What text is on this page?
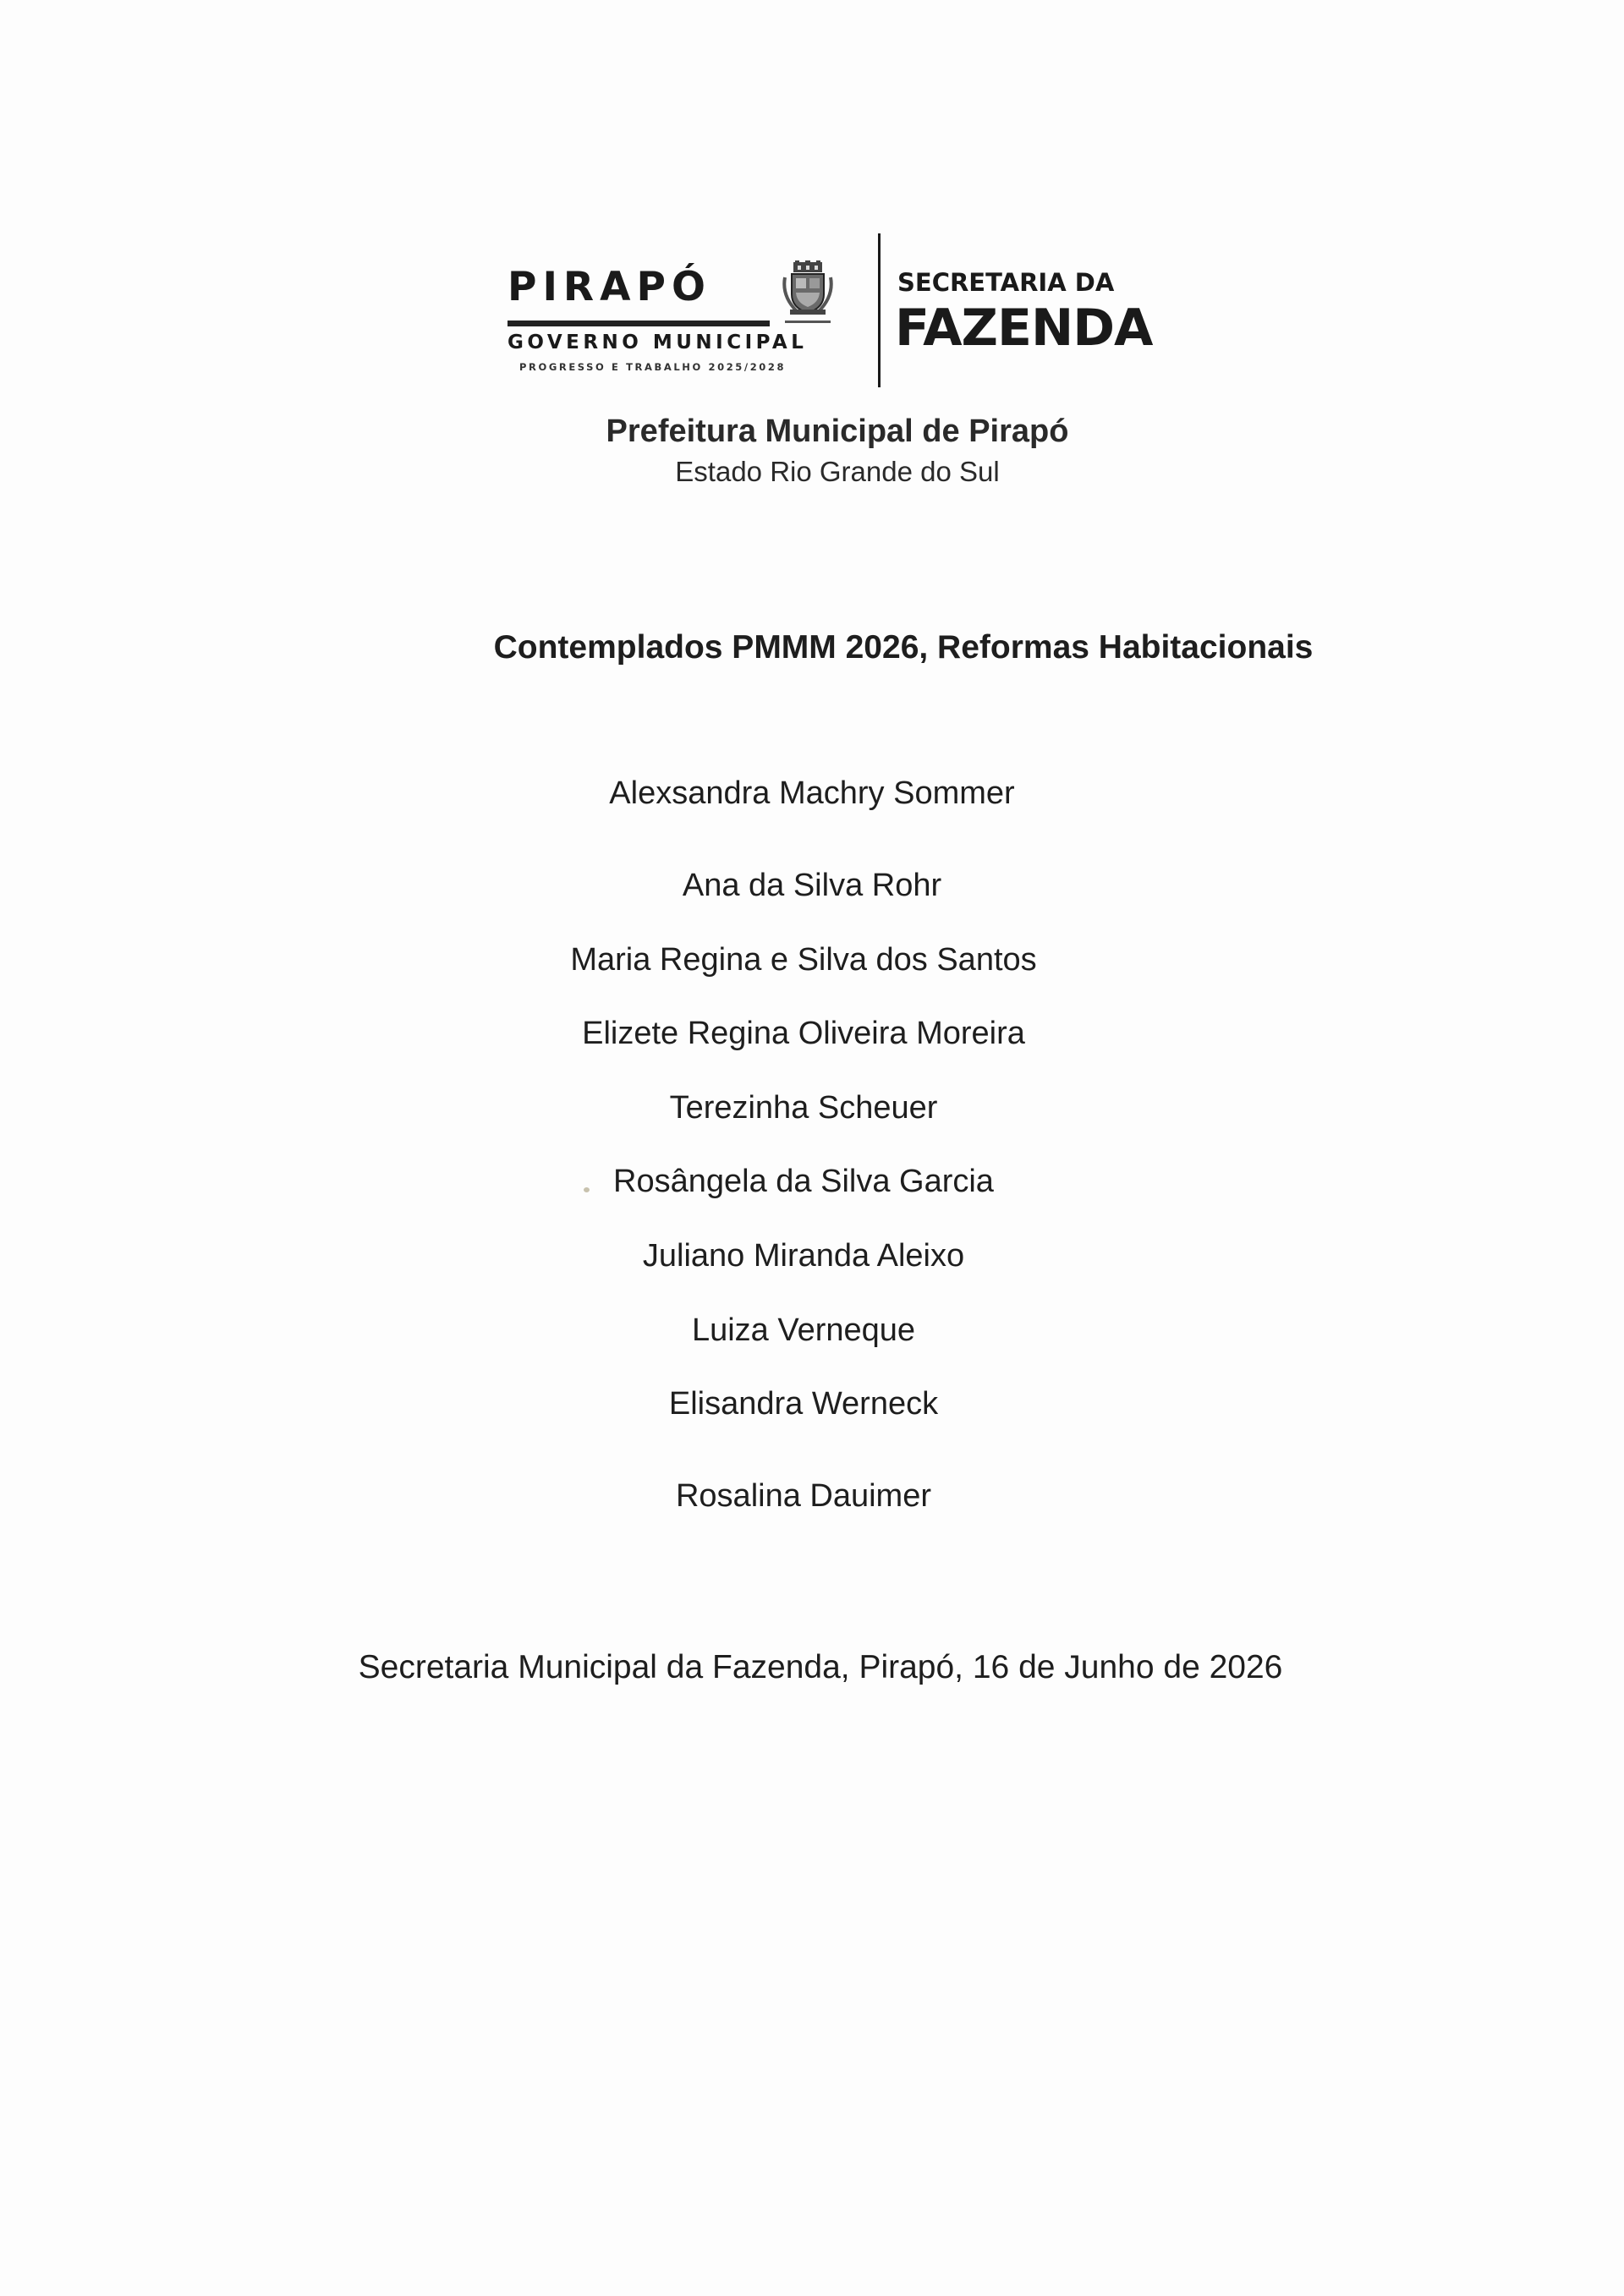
PIRAPÓ
GOVERNO MUNICIPAL
PROGRESSO E TRABALHO 2025/2028
SECRETARIA DA
FAZENDA
Prefeitura Municipal de Pirapó
Estado Rio Grande do Sul
Contemplados PMMM 2026, Reformas Habitacionais
Alexsandra Machry Sommer
Ana da Silva Rohr
Maria Regina e Silva dos Santos
Elizete Regina Oliveira Moreira
Terezinha Scheuer
Rosângela da Silva Garcia
Juliano Miranda Aleixo
Luiza Verneque
Elisandra Werneck
Rosalina Dauimer
Secretaria Municipal da Fazenda, Pirapó, 16 de Junho de 2026
